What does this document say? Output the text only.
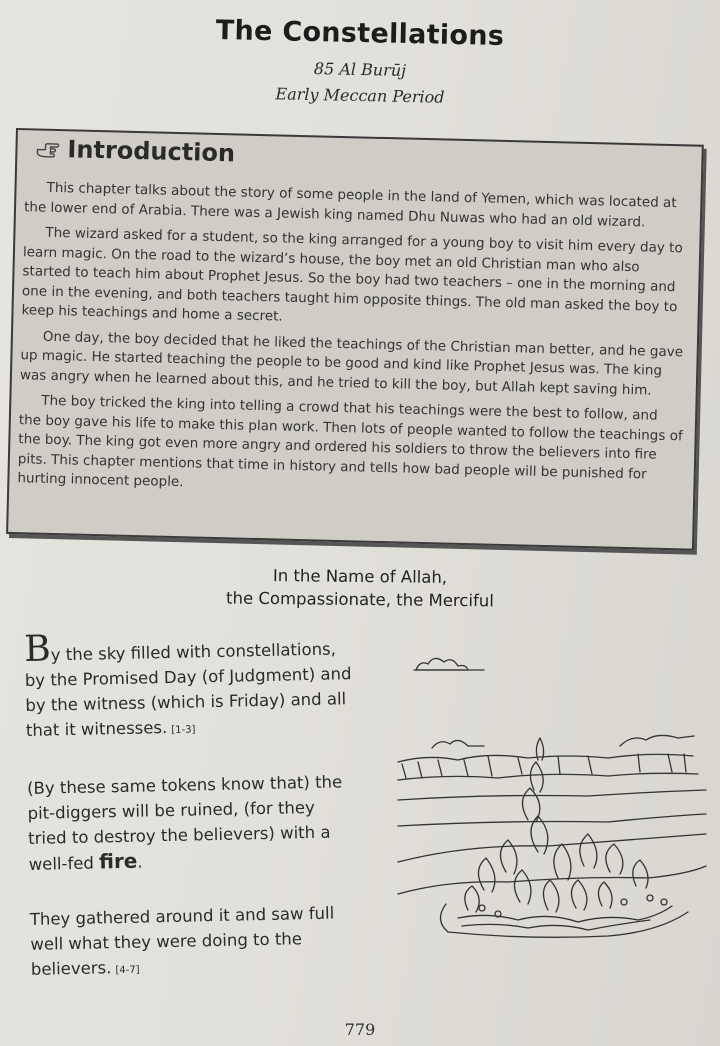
The Constellations
85 Al Burūj
Early Meccan Period
Introduction

This chapter talks about the story of some people in the land of Yemen, which was located at the lower end of Arabia. There was a Jewish king named Dhu Nuwas who had an old wizard.

The wizard asked for a student, so the king arranged for a young boy to visit him every day to learn magic. On the road to the wizard’s house, the boy met an old Christian man who also started to teach him about Prophet Jesus. So the boy had two teachers – one in the morning and one in the evening, and both teachers taught him opposite things. The old man asked the boy to keep his teachings and home a secret.

One day, the boy decided that he liked the teachings of the Christian man better, and he gave up magic. He started teaching the people to be good and kind like Prophet Jesus was. The king was angry when he learned about this, and he tried to kill the boy, but Allah kept saving him.

The boy tricked the king into telling a crowd that his teachings were the best to follow, and the boy gave his life to make this plan work. Then lots of people wanted to follow the teachings of the boy. The king got even more angry and ordered his soldiers to throw the believers into fire pits. This chapter mentions that time in history and tells how bad people will be punished for hurting innocent people.

In the Name of Allah,
the Compassionate, the Merciful

By the sky filled with constellations, by the Promised Day (of Judgment) and by the witness (which is Friday) and all that it witnesses. [1-3]

(By these same tokens know that) the pit-diggers will be ruined, (for they tried to destroy the believers) with a well-fed fire.

They gathered around it and saw full well what they were doing to the believers. [4-7]

779
